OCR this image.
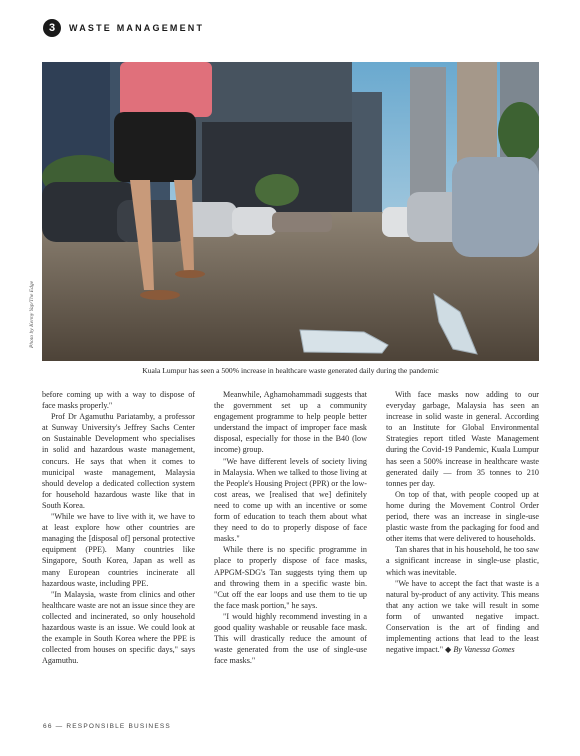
3	WASTE MANAGEMENT
Photo by Kenny Yap/The Edge
Kuala Lumpur has seen a 500% increase in healthcare waste generated daily during the pandemic

before coming up with a way to dispose of face masks properly."

Prof Dr Agamuthu Pariatamby, a professor at Sunway University's Jeffrey Sachs Center on Sustainable Development who specialises in solid and hazardous waste management, concurs. He says that when it comes to municipal waste management, Malaysia should develop a dedicated collection system for household hazardous waste like that in South Korea.

"While we have to live with it, we have to at least explore how other countries are managing the [disposal of] personal protective equipment (PPE). Many countries like Singapore, South Korea, Japan as well as many European countries incinerate all hazardous waste, including PPE.

"In Malaysia, waste from clinics and other healthcare waste are not an issue since they are collected and incinerated, so only household hazardous waste is an issue. We could look at the example in South Korea where the PPE is collected from houses on specific days," says Agamuthu.

Meanwhile, Aghamohammadi suggests that the government set up a community engagement programme to help people better understand the impact of improper face mask disposal, especially for those in the B40 (low income) group.

"We have different levels of society living in Malaysia. When we talked to those living at the People's Housing Project (PPR) or the low-cost areas, we [realised that we] definitely need to come up with an incentive or some form of education to teach them about what they need to do to properly dispose of face masks."

While there is no specific programme in place to properly dispose of face masks, APPGM-SDG's Tan suggests tying them up and throwing them in a specific waste bin. "Cut off the ear loops and use them to tie up the face mask portion," he says.

"I would highly recommend investing in a good quality washable or reusable face mask. This will drastically reduce the amount of waste generated from the use of single-use face masks."

With face masks now adding to our everyday garbage, Malaysia has seen an increase in solid waste in general. According to an Institute for Global Environmental Strategies report titled Waste Management during the Covid-19 Pandemic, Kuala Lumpur has seen a 500% increase in healthcare waste generated daily — from 35 tonnes to 210 tonnes per day.

On top of that, with people cooped up at home during the Movement Control Order period, there was an increase in single-use plastic waste from the packaging for food and other items that were delivered to households.

Tan shares that in his household, he too saw a significant increase in single-use plastic, which was inevitable.

"We have to accept the fact that waste is a natural by-product of any activity. This means that any action we take will result in some form of unwanted negative impact. Conservation is the art of finding and implementing actions that lead to the least negative impact." ◆ By Vanessa Gomes

66 — RESPONSIBLE BUSINESS
